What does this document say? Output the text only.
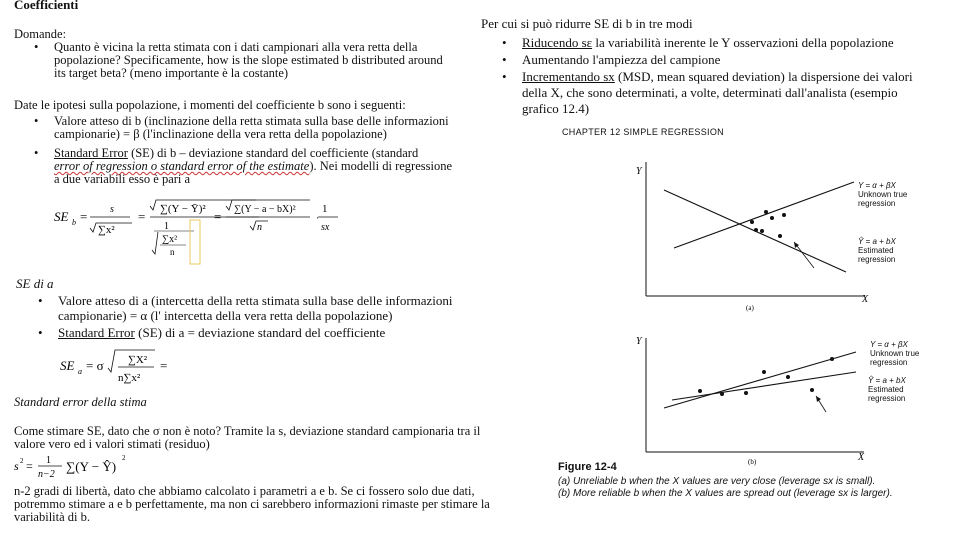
Coefficienti
Domande:
• Quanto è vicina la retta stimata con i dati campionari alla vera retta della
popolazione? Specificamente, how is the slope estimated b distributed around
its target beta? (meno importante è la costante)
Date le ipotesi sulla popolazione, i momenti del coefficiente b sono i seguenti:
• Valore atteso di b (inclinazione della retta stimata sulla base delle informazioni
campionarie) = β (l'inclinazione della vera retta della popolazione)
• Standard Error (SE) di b – deviazione standard del coefficiente (standard
error of regression o standard error of the estimate). Nei modelli di regressione
a due variabili esso è pari a
SE b = s
∑x²
= ∑(Y − Ȳ)²
1
∑x²
n
= ∑(Y − a − bX)²
n
·
1
sx
SE di a
• Valore atteso di a (intercetta della retta stimata sulla base delle informazioni
campionarie) = α (l' intercetta della vera retta della popolazione)
• Standard Error (SE) di a = deviazione standard del coefficiente
SE a = σ ∑X²
n∑x²
=
Standard error della stima
Come stimare SE, dato che σ non è noto? Tramite la s, deviazione standard campionaria tra il
valore vero ed i valori stimati (residuo)
s 2 = 1
n−2
∑(Y − Ŷ)
2
n-2 gradi di libertà, dato che abbiamo calcolato i parametri a e b. Se ci fossero solo due dati,
potremmo stimare a e b perfettamente, ma non ci sarebbero informazioni rimaste per stimare la
variabilità di b.
Per cui si può ridurre SE di b in tre modi
• Riducendo sε la variabilità inerente le Y osservazioni della popolazione
• Aumentando l'ampiezza del campione
• Incrementando sx (MSD, mean squared deviation) la dispersione dei valori
della X, che sono determinati, a volte, determinati dall'analista (esempio
grafico 12.4)
CHAPTER 12 SIMPLE REGRESSION
Y
X
(a)
Y = α + βX
Unknown true
regression
Ŷ = a + bX
Estimated
regression
Y
X
(b)
Y = α + βX
Unknown true
regression
Ŷ = a + bX
Estimated
regression
Figure 12-4
(a) Unreliable b when the X values are very close (leverage sx is small).
(b) More reliable b when the X values are spread out (leverage sx is larger).
